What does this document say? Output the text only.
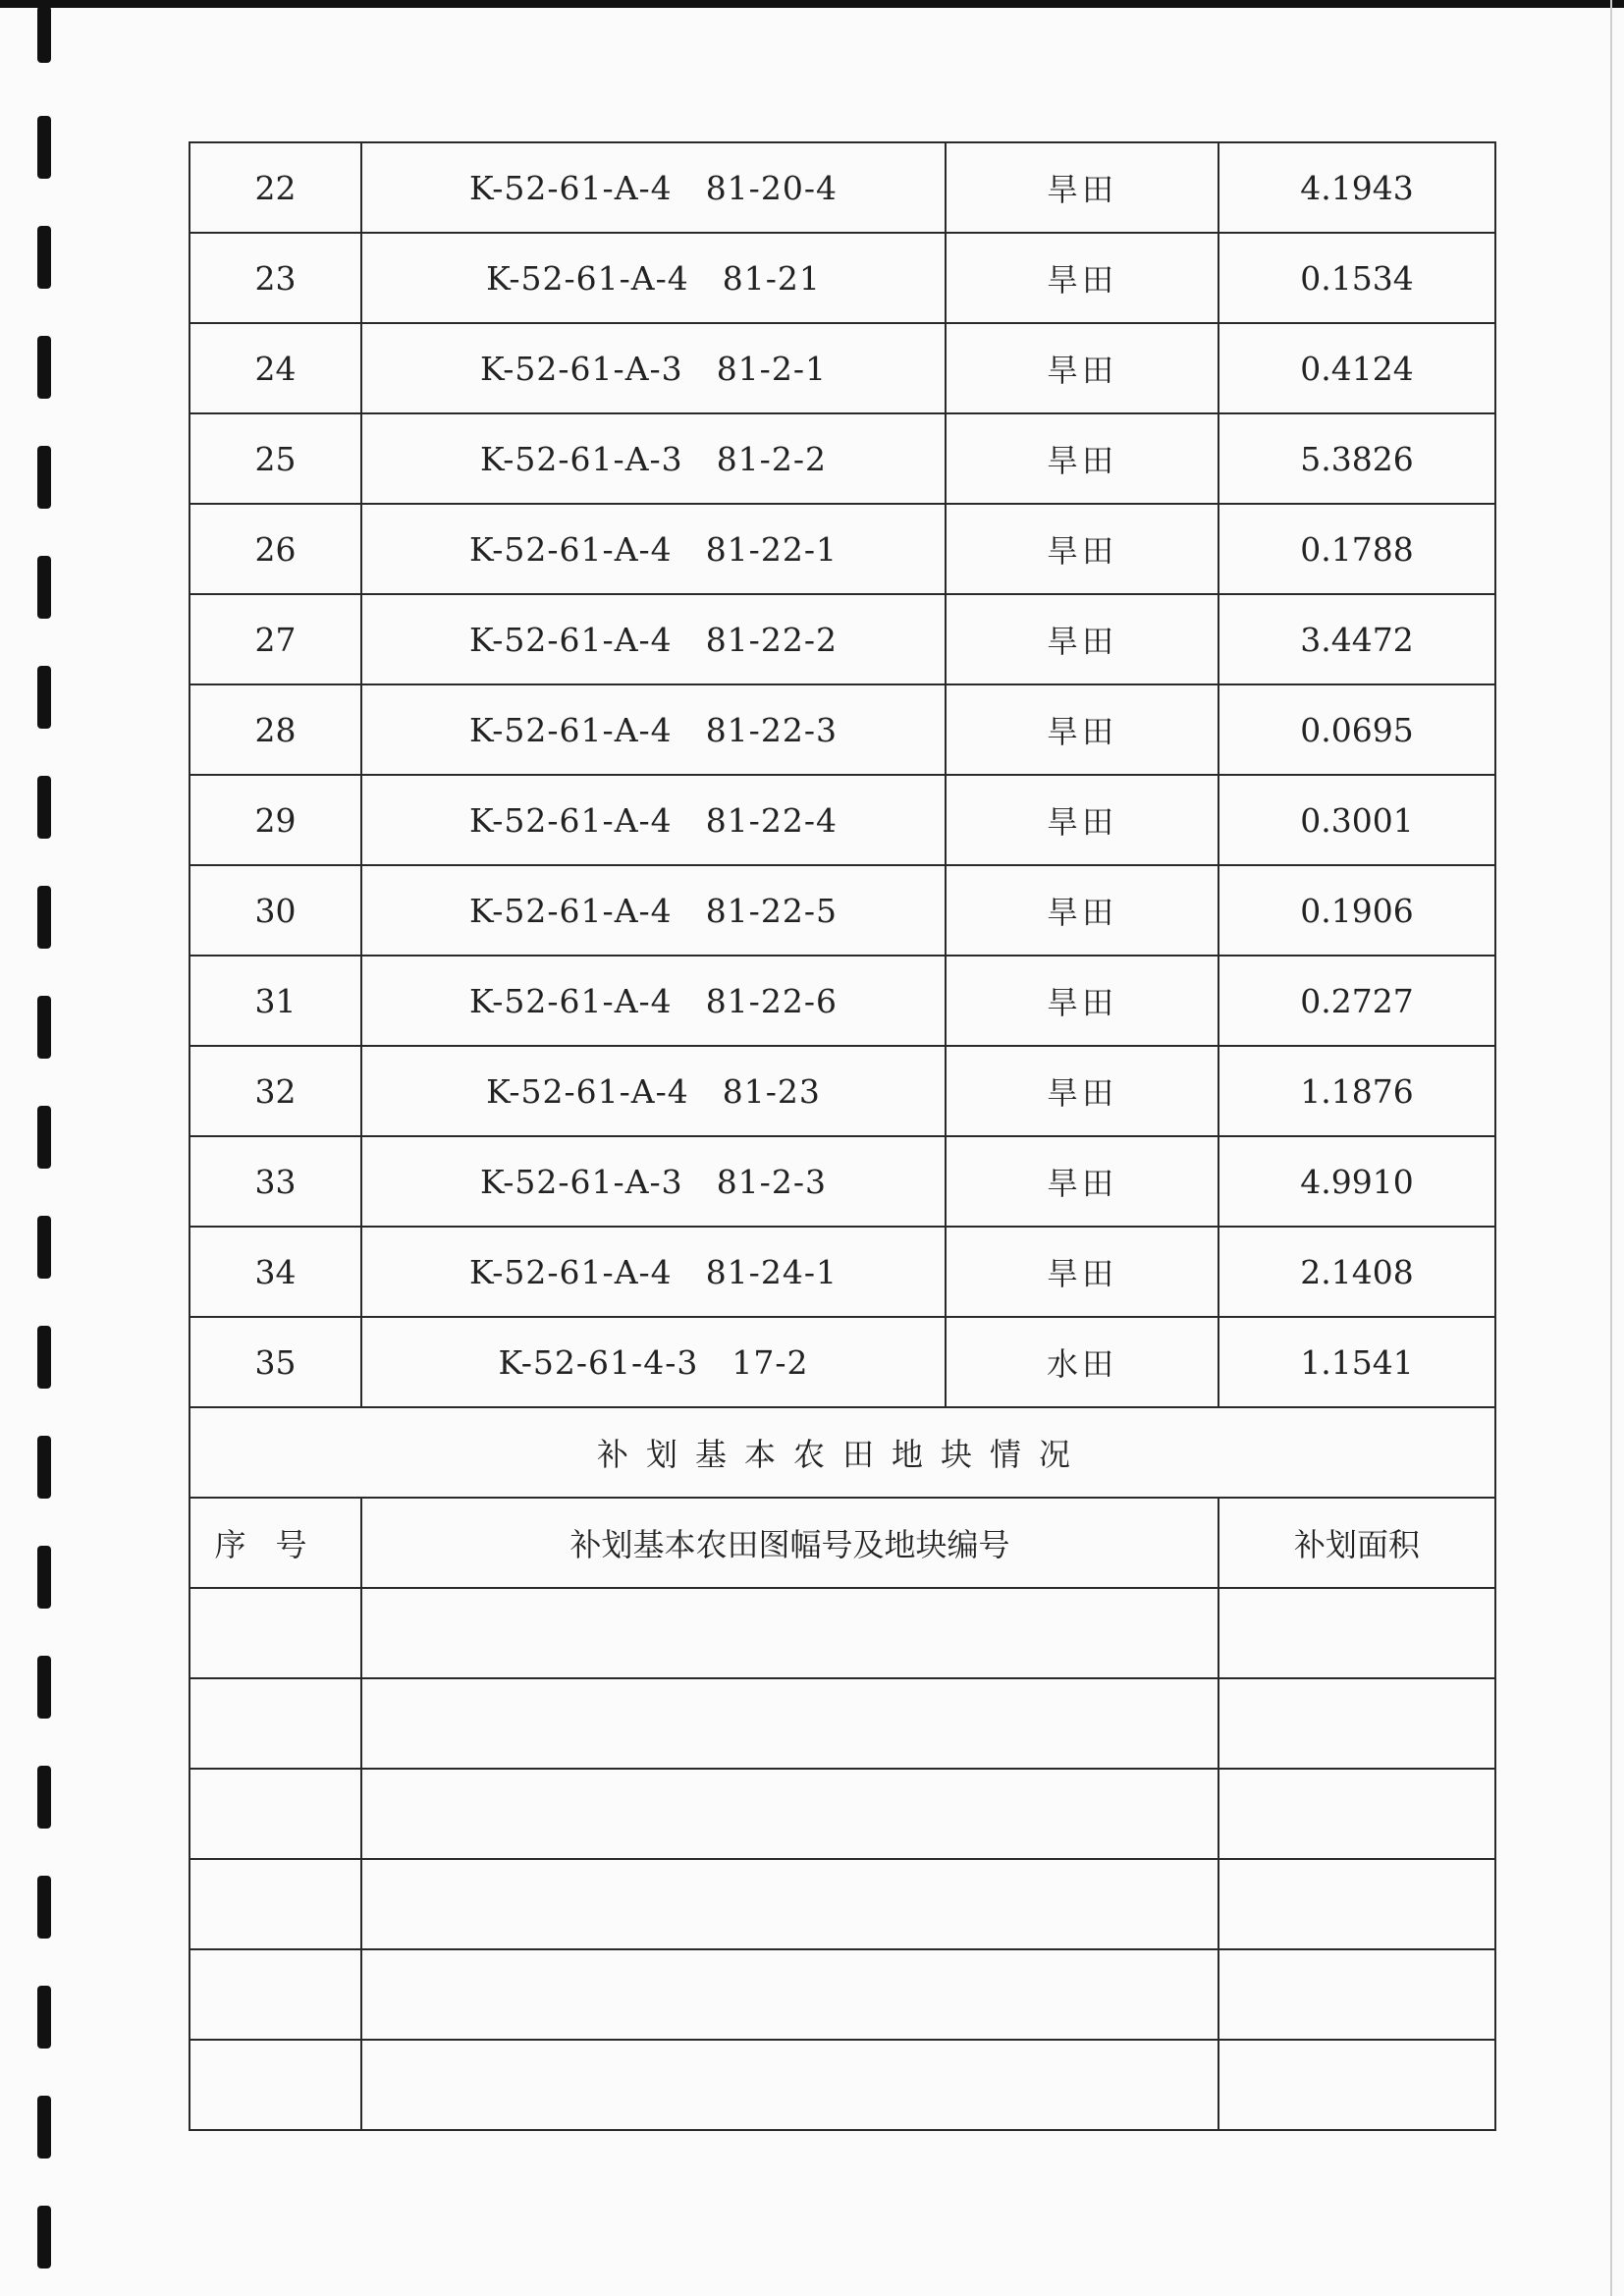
22	K-52-61-A-4 81-20-4	旱田	4.1943
23	K-52-61-A-4 81-21	旱田	0.1534
24	K-52-61-A-3 81-2-1	旱田	0.4124
25	K-52-61-A-3 81-2-2	旱田	5.3826
26	K-52-61-A-4 81-22-1	旱田	0.1788
27	K-52-61-A-4 81-22-2	旱田	3.4472
28	K-52-61-A-4 81-22-3	旱田	0.0695
29	K-52-61-A-4 81-22-4	旱田	0.3001
30	K-52-61-A-4 81-22-5	旱田	0.1906
31	K-52-61-A-4 81-22-6	旱田	0.2727
32	K-52-61-A-4 81-23	旱田	1.1876
33	K-52-61-A-3 81-2-3	旱田	4.9910
34	K-52-61-A-4 81-24-1	旱田	2.1408
35	K-52-61-4-3 17-2	水田	1.1541
补划基本农田地块情况			
序号	补划基本农田图幅号及地块编号		补划面积
